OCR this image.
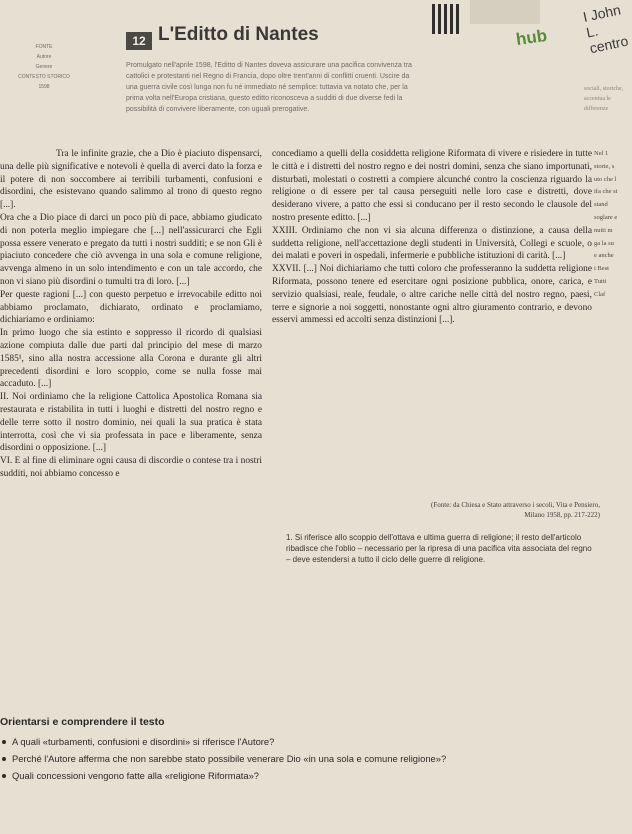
FONTE
Autore
Genere
CONTESTO STORICO
1598
12 L'Editto di Nantes
Promulgato nell'aprile 1598, l'Editto di Nantes doveva assicurare una pacifica convivenza tra cattolici e protestanti nel Regno di Francia, dopo oltre trent'anni di conflitti cruenti. Uscire da una guerra civile così lunga non fu né immediato né semplice: tuttavia va notato che, per la prima volta nell'Europa cristiana, questo editto riconosceva a sudditi di due diverse fedi la possibilità di convivere liberamente, con uguali prerogative.
hub
I John L. centro
sociali, storiche, accentua le differenze

Tra le infinite grazie, che a Dio è piaciuto dispensarci, una delle più significative e notevoli è quella di averci dato la forza e il potere di non soccombere ai terribili turbamenti, confusioni e disordini, che esistevano quando salimmo al trono di questo regno [...].

Ora che a Dio piace di darci un poco più di pace, abbiamo giudicato di non poterla meglio impiegare che [...] nell'assicurarci che Egli possa essere venerato e pregato da tutti i nostri sudditi; e se non Gli è piaciuto concedere che ciò avvenga in una sola e comune religione, avvenga almeno in un solo intendimento e con un tale accordo, che non vi siano più disordini o tumulti tra di loro. [...]

Per queste ragioni [...] con questo perpetuo e irrevocabile editto noi abbiamo proclamato, dichiarato, ordinato e proclamiamo, dichiariamo e ordiniamo:

In primo luogo che sia estinto e soppresso il ricordo di qualsiasi azione compiuta dalle due parti dal principio del mese di marzo 1585¹, sino alla nostra accessione alla Corona e durante gli altri precedenti disordini e loro scoppio, come se nulla fosse mai accaduto. [...]

II. Noi ordiniamo che la religione Cattolica Apostolica Romana sia restaurata e ristabilita in tutti i luoghi e distretti del nostro regno e delle terre sotto il nostro dominio, nei quali la sua pratica è stata interrotta, così che vi sia professata in pace e liberamente, senza disordini o opposizione. [...]

VI. E al fine di eliminare ogni causa di discordie o contese tra i nostri sudditi, noi abbiamo concesso e

concediamo a quelli della cosiddetta religione Riformata di vivere e risiedere in tutte le città e i distretti del nostro regno e dei nostri domini, senza che siano importunati, disturbati, molestati o costretti a compiere alcunché contro la coscienza riguardo la religione o di essere per tal causa perseguiti nelle loro case e distretti, dove desiderano vivere, a patto che essi si conducano per il resto secondo le clausole del nostro presente editto. [...]

XXIII. Ordiniamo che non vi sia alcuna differenza o distinzione, a causa della suddetta religione, nell'accettazione degli studenti in Università, Collegi e scuole, o dei malati e poveri in ospedali, infermerie e pubbliche istituzioni di carità. [...]

XXVII. [...] Noi dichiariamo che tutti coloro che professeranno la suddetta religione Riformata, possono tenere ed esercitare ogni posizione pubblica, onore, carica, e servizio qualsiasi, reale, feudale, o altre cariche nelle città del nostro regno, paesi, terre e signorie a noi soggetti, nonostante ogni altro giuramento contrario, e devono esservi ammessi ed accolti senza distinzioni [...].

Nel 1
storie, s
uto che l
ifa che si
stand
soglare e
nutti m
ga la su
e anche
i Best
Tutti
Claf
(Fonte: da Chiesa e Stato attraverso i secoli, Vita e Pensiero, Milano 1958, pp. 217-222)
1. Si riferisce allo scoppio dell'ottava e ultima guerra di religione; il resto dell'articolo ribadisce che l'oblio – necessario per la ripresa di una pacifica vita associata del regno – deve estendersi a tutto il ciclo delle guerre di religione.
Orientarsi e comprendere il testo
A quali «turbamenti, confusioni e disordini» si riferisce l'Autore?
Perché l'Autore afferma che non sarebbe stato possibile venerare Dio «in una sola e comune religione»?
Quali concessioni vengono fatte alla «religione Riformata»?
